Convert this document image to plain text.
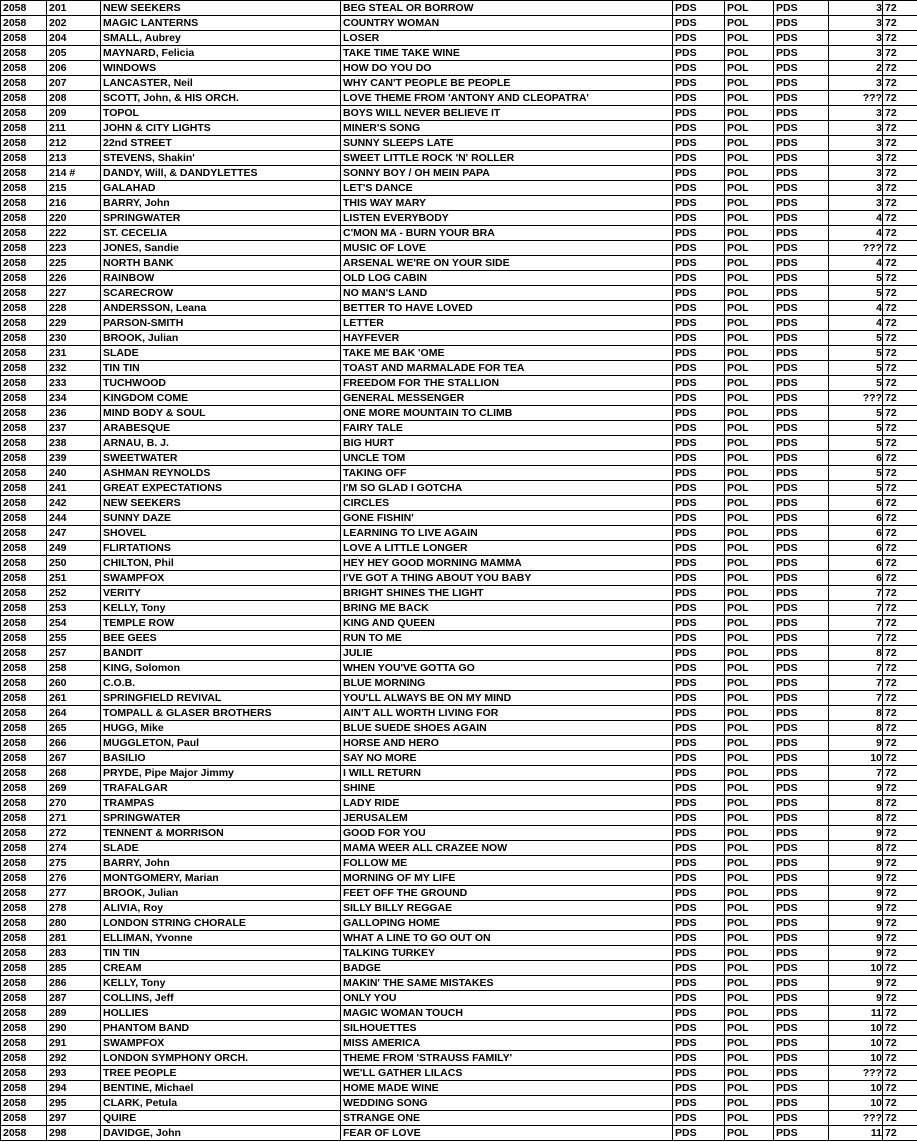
2058	201	NEW SEEKERS	BEG STEAL OR BORROW	PDS	POL	PDS	3	72
2058	202	MAGIC LANTERNS	COUNTRY WOMAN	PDS	POL	PDS	3	72
2058	204	SMALL, Aubrey	LOSER	PDS	POL	PDS	3	72
2058	205	MAYNARD, Felicia	TAKE TIME TAKE WINE	PDS	POL	PDS	3	72
2058	206	WINDOWS	HOW DO YOU DO	PDS	POL	PDS	2	72
2058	207	LANCASTER, Neil	WHY CAN'T PEOPLE BE PEOPLE	PDS	POL	PDS	3	72
2058	208	SCOTT, John, & HIS ORCH.	LOVE THEME FROM 'ANTONY AND CLEOPATRA'	PDS	POL	PDS	???	72
2058	209	TOPOL	BOYS WILL NEVER BELIEVE IT	PDS	POL	PDS	3	72
2058	211	JOHN & CITY LIGHTS	MINER'S SONG	PDS	POL	PDS	3	72
2058	212	22nd STREET	SUNNY SLEEPS LATE	PDS	POL	PDS	3	72
2058	213	STEVENS, Shakin'	SWEET LITTLE ROCK 'N' ROLLER	PDS	POL	PDS	3	72
2058	214 #	DANDY, Will, & DANDYLETTES	SONNY BOY / OH MEIN PAPA	PDS	POL	PDS	3	72
2058	215	GALAHAD	LET'S DANCE	PDS	POL	PDS	3	72
2058	216	BARRY, John	THIS WAY MARY	PDS	POL	PDS	3	72
2058	220	SPRINGWATER	LISTEN EVERYBODY	PDS	POL	PDS	4	72
2058	222	ST. CECELIA	C'MON MA - BURN YOUR BRA	PDS	POL	PDS	4	72
2058	223	JONES, Sandie	MUSIC OF LOVE	PDS	POL	PDS	???	72
2058	225	NORTH BANK	ARSENAL WE'RE ON YOUR SIDE	PDS	POL	PDS	4	72
2058	226	RAINBOW	OLD LOG CABIN	PDS	POL	PDS	5	72
2058	227	SCARECROW	NO MAN'S LAND	PDS	POL	PDS	5	72
2058	228	ANDERSSON, Leana	BETTER TO HAVE LOVED	PDS	POL	PDS	4	72
2058	229	PARSON-SMITH	LETTER	PDS	POL	PDS	4	72
2058	230	BROOK, Julian	HAYFEVER	PDS	POL	PDS	5	72
2058	231	SLADE	TAKE ME BAK 'OME	PDS	POL	PDS	5	72
2058	232	TIN TIN	TOAST AND MARMALADE FOR TEA	PDS	POL	PDS	5	72
2058	233	TUCHWOOD	FREEDOM FOR THE STALLION	PDS	POL	PDS	5	72
2058	234	KINGDOM COME	GENERAL MESSENGER	PDS	POL	PDS	???	72
2058	236	MIND BODY & SOUL	ONE MORE MOUNTAIN TO CLIMB	PDS	POL	PDS	5	72
2058	237	ARABESQUE	FAIRY TALE	PDS	POL	PDS	5	72
2058	238	ARNAU, B. J.	BIG HURT	PDS	POL	PDS	5	72
2058	239	SWEETWATER	UNCLE TOM	PDS	POL	PDS	6	72
2058	240	ASHMAN REYNOLDS	TAKING OFF	PDS	POL	PDS	5	72
2058	241	GREAT EXPECTATIONS	I'M SO GLAD I GOTCHA	PDS	POL	PDS	5	72
2058	242	NEW SEEKERS	CIRCLES	PDS	POL	PDS	6	72
2058	244	SUNNY DAZE	GONE FISHIN'	PDS	POL	PDS	6	72
2058	247	SHOVEL	LEARNING TO LIVE AGAIN	PDS	POL	PDS	6	72
2058	249	FLIRTATIONS	LOVE A LITTLE LONGER	PDS	POL	PDS	6	72
2058	250	CHILTON, Phil	HEY HEY GOOD MORNING MAMMA	PDS	POL	PDS	6	72
2058	251	SWAMPFOX	I'VE GOT A THING ABOUT YOU BABY	PDS	POL	PDS	6	72
2058	252	VERITY	BRIGHT SHINES THE LIGHT	PDS	POL	PDS	7	72
2058	253	KELLY, Tony	BRING ME BACK	PDS	POL	PDS	7	72
2058	254	TEMPLE ROW	KING AND QUEEN	PDS	POL	PDS	7	72
2058	255	BEE GEES	RUN TO ME	PDS	POL	PDS	7	72
2058	257	BANDIT	JULIE	PDS	POL	PDS	8	72
2058	258	KING, Solomon	WHEN YOU'VE GOTTA GO	PDS	POL	PDS	7	72
2058	260	C.O.B.	BLUE MORNING	PDS	POL	PDS	7	72
2058	261	SPRINGFIELD REVIVAL	YOU'LL ALWAYS BE ON MY MIND	PDS	POL	PDS	7	72
2058	264	TOMPALL & GLASER BROTHERS	AIN'T ALL WORTH LIVING FOR	PDS	POL	PDS	8	72
2058	265	HUGG, Mike	BLUE SUEDE SHOES AGAIN	PDS	POL	PDS	8	72
2058	266	MUGGLETON, Paul	HORSE AND HERO	PDS	POL	PDS	9	72
2058	267	BASILIO	SAY NO MORE	PDS	POL	PDS	10	72
2058	268	PRYDE, Pipe Major Jimmy	I WILL RETURN	PDS	POL	PDS	7	72
2058	269	TRAFALGAR	SHINE	PDS	POL	PDS	9	72
2058	270	TRAMPAS	LADY RIDE	PDS	POL	PDS	8	72
2058	271	SPRINGWATER	JERUSALEM	PDS	POL	PDS	8	72
2058	272	TENNENT & MORRISON	GOOD FOR YOU	PDS	POL	PDS	9	72
2058	274	SLADE	MAMA WEER ALL CRAZEE NOW	PDS	POL	PDS	8	72
2058	275	BARRY, John	FOLLOW ME	PDS	POL	PDS	9	72
2058	276	MONTGOMERY, Marian	MORNING OF MY LIFE	PDS	POL	PDS	9	72
2058	277	BROOK, Julian	FEET OFF THE GROUND	PDS	POL	PDS	9	72
2058	278	ALIVIA, Roy	SILLY BILLY REGGAE	PDS	POL	PDS	9	72
2058	280	LONDON STRING CHORALE	GALLOPING HOME	PDS	POL	PDS	9	72
2058	281	ELLIMAN, Yvonne	WHAT A LINE TO GO OUT ON	PDS	POL	PDS	9	72
2058	283	TIN TIN	TALKING TURKEY	PDS	POL	PDS	9	72
2058	285	CREAM	BADGE	PDS	POL	PDS	10	72
2058	286	KELLY, Tony	MAKIN' THE SAME MISTAKES	PDS	POL	PDS	9	72
2058	287	COLLINS, Jeff	ONLY YOU	PDS	POL	PDS	9	72
2058	289	HOLLIES	MAGIC WOMAN TOUCH	PDS	POL	PDS	11	72
2058	290	PHANTOM BAND	SILHOUETTES	PDS	POL	PDS	10	72
2058	291	SWAMPFOX	MISS AMERICA	PDS	POL	PDS	10	72
2058	292	LONDON SYMPHONY ORCH.	THEME FROM 'STRAUSS FAMILY'	PDS	POL	PDS	10	72
2058	293	TREE PEOPLE	WE'LL GATHER LILACS	PDS	POL	PDS	???	72
2058	294	BENTINE, Michael	HOME MADE WINE	PDS	POL	PDS	10	72
2058	295	CLARK, Petula	WEDDING SONG	PDS	POL	PDS	10	72
2058	297	QUIRE	STRANGE ONE	PDS	POL	PDS	???	72
2058	298	DAVIDGE, John	FEAR OF LOVE	PDS	POL	PDS	11	72
